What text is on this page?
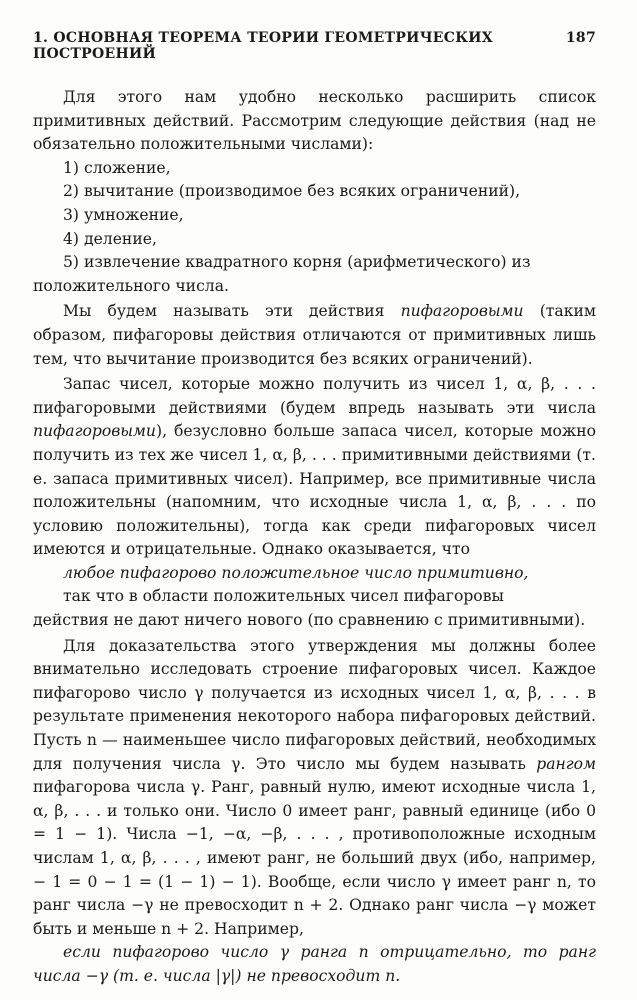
1. ОСНОВНАЯ ТЕОРЕМА ТЕОРИИ ГЕОМЕТРИЧЕСКИХ ПОСТРОЕНИЙ
187

Для этого нам удобно несколько расширить список примитивных действий. Рассмотрим следующие действия (над не обязательно положительными числами):

1) сложение,
2) вычитание (производимое без всяких ограничений),
3) умножение,
4) деление,
5) извлечение квадратного корня (арифметического) из

положительного числа.

Мы будем называть эти действия пифагоровыми (таким образом, пифагоровы действия отличаются от примитивных лишь тем, что вычитание производится без всяких ограничений).

Запас чисел, которые можно получить из чисел 1, α, β, . . . пифагоровыми действиями (будем впредь называть эти числа пифагоровыми), безусловно больше запаса чисел, которые можно получить из тех же чисел 1, α, β, . . . примитивными действиями (т. е. запаса примитивных чисел). Например, все примитивные числа положительны (напомним, что исходные числа 1, α, β, . . . по условию положительны), тогда как среди пифагоровых чисел имеются и отрицательные. Однако оказывается, что

любое пифагорово положительное число примитивно,

так что в области положительных чисел пифагоровы

действия не дают ничего нового (по сравнению с примитивными).

Для доказательства этого утверждения мы должны более внимательно исследовать строение пифагоровых чисел. Каждое пифагорово число γ получается из исходных чисел 1, α, β, . . . в результате применения некоторого набора пифагоровых действий. Пусть n — наименьшее число пифагоровых действий, необходимых для получения числа γ. Это число мы будем называть рангом пифагорова числа γ. Ранг, равный нулю, имеют исходные числа 1, α, β, . . . и только они. Число 0 имеет ранг, равный единице (ибо 0 = 1 − 1). Числа −1, −α, −β, . . . , противоположные исходным числам 1, α, β, . . . , имеют ранг, не больший двух (ибо, например, − 1 = 0 − 1 = (1 − 1) − 1). Вообще, если число γ имеет ранг n, то ранг числа −γ не превосходит n + 2. Однако ранг числа −γ может быть и меньше n + 2. Например,

если пифагорово число γ ранга n отрицательно, то ранг числа −γ (т. е. числа |γ|) не превосходит n.
